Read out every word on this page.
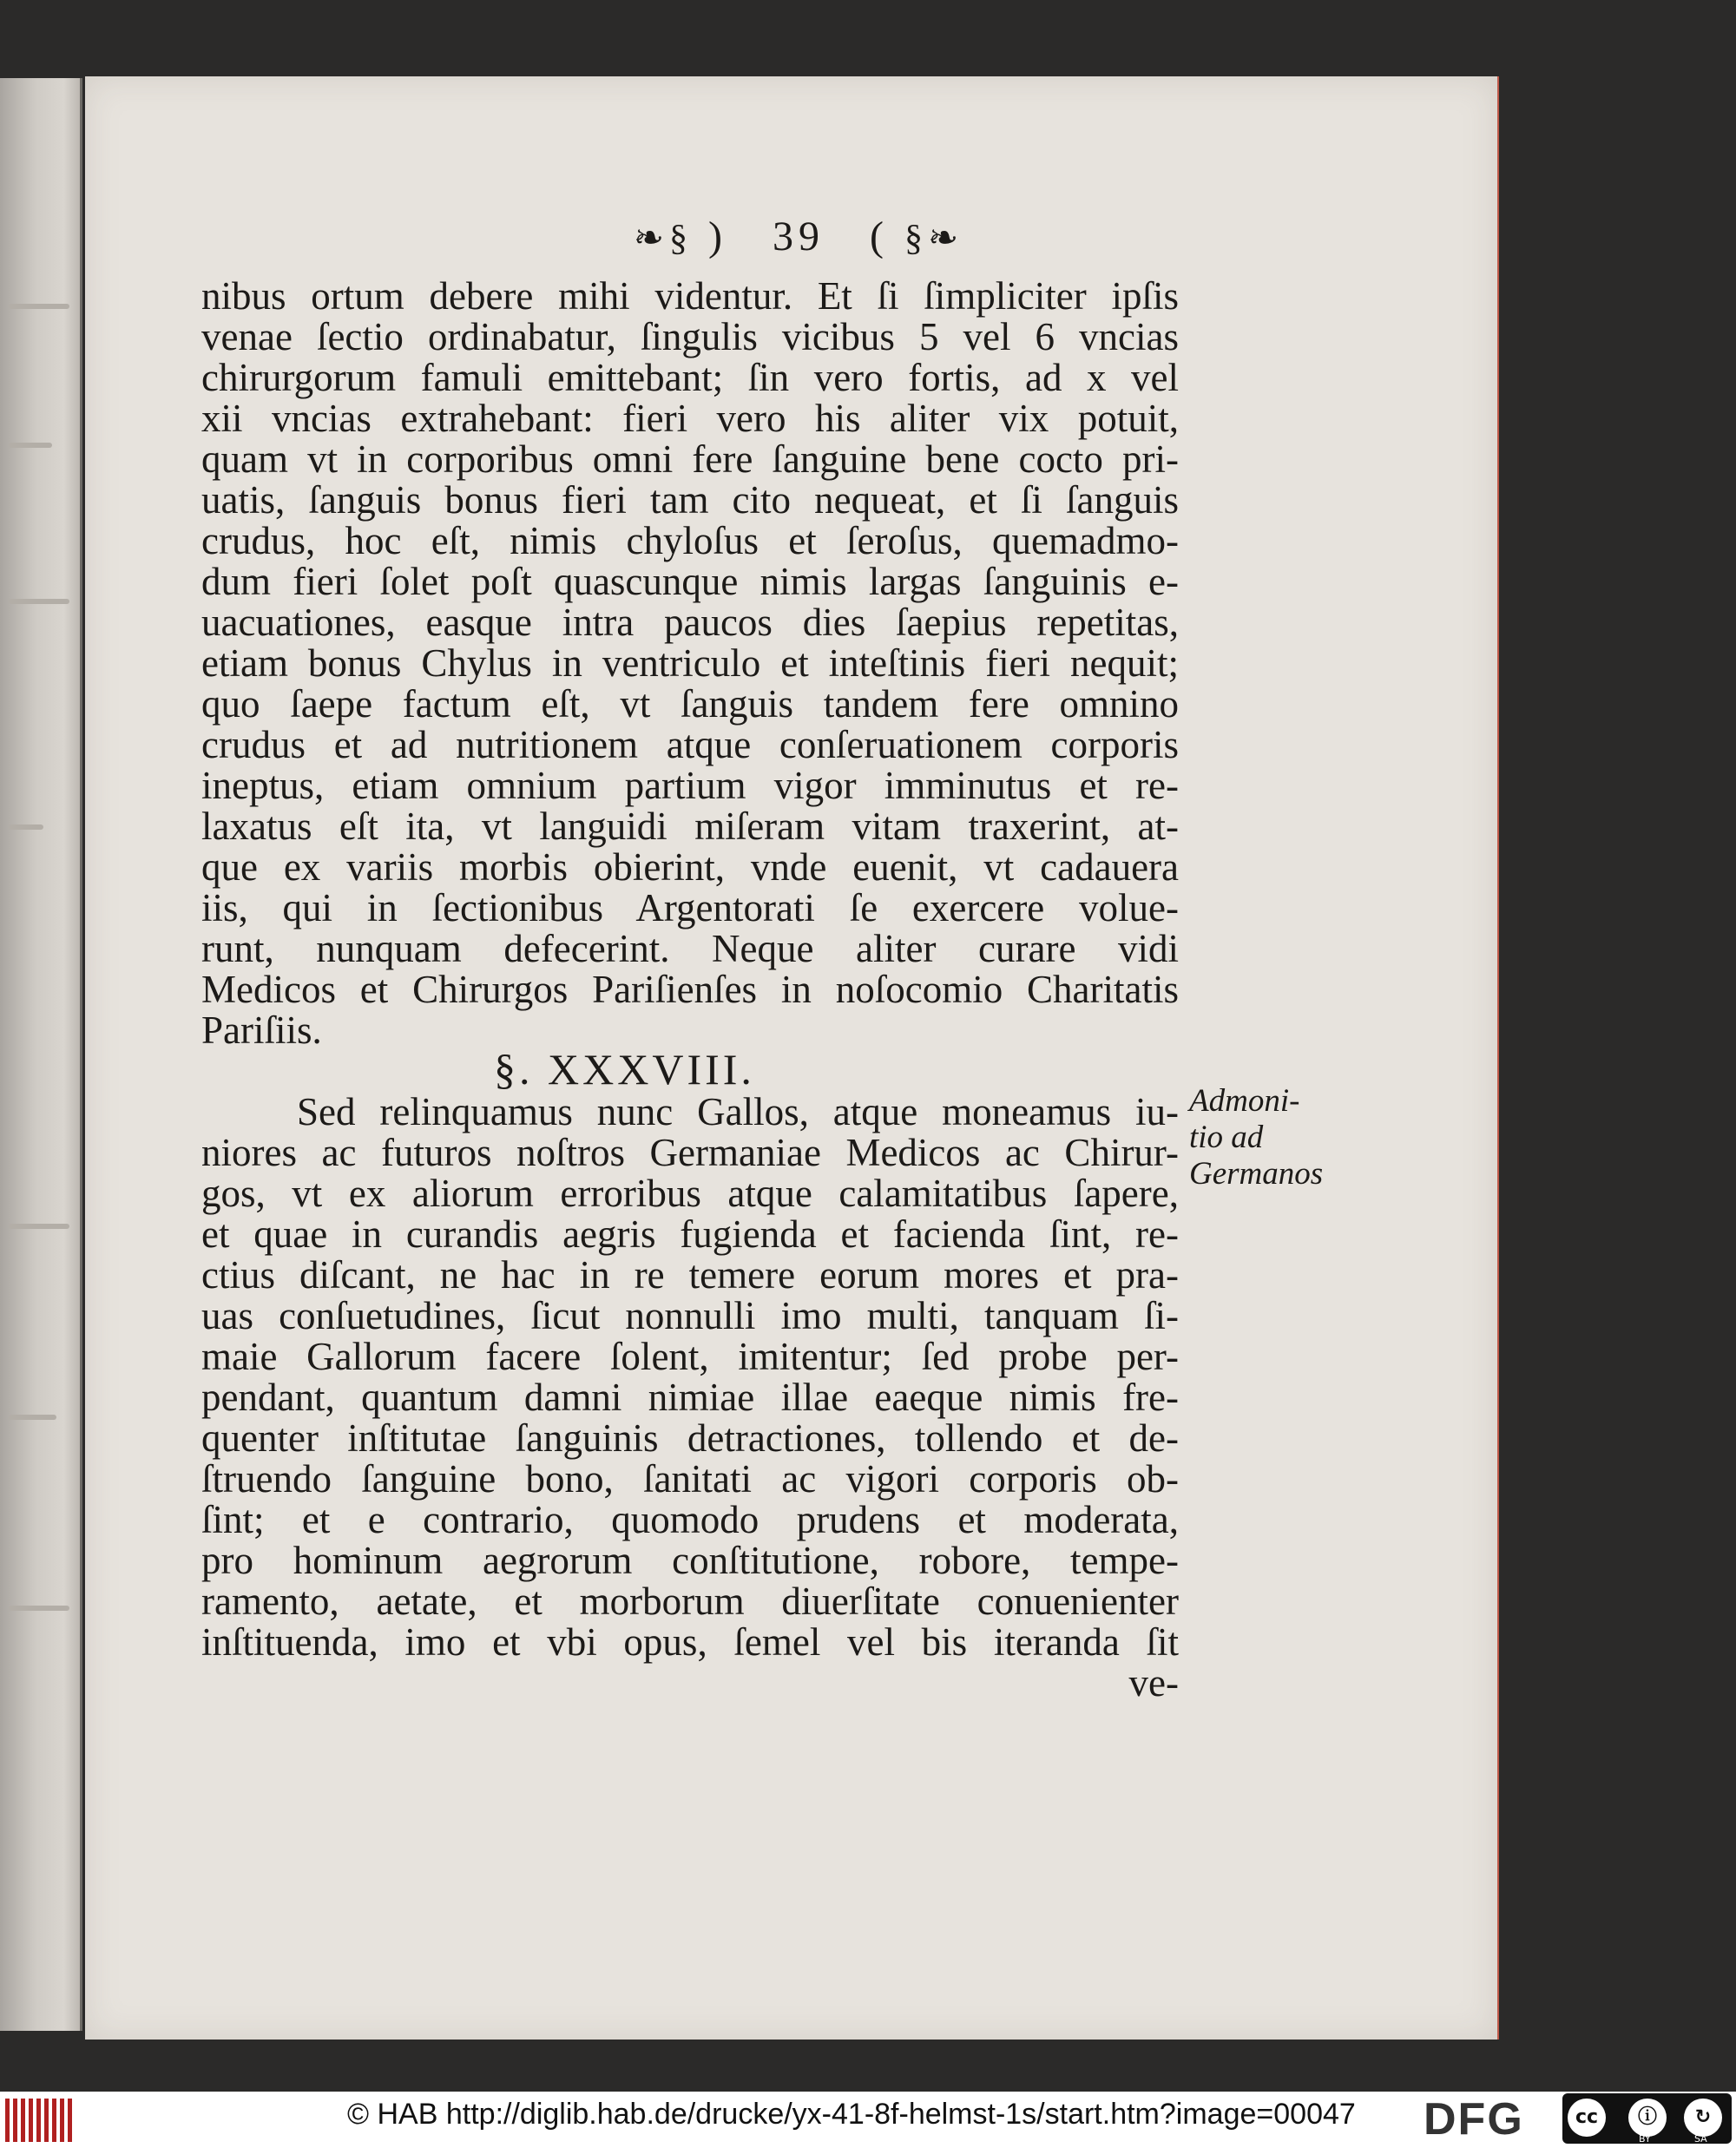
❧§ ) 39 ( §❧
nibus ortum debere mihi videntur. Et ſi ſimpliciter ipſis
venae ſectio ordinabatur, ſingulis vicibus 5 vel 6 vncias
chirurgorum famuli emittebant; ſin vero fortis, ad x vel
xii vncias extrahebant: fieri vero his aliter vix potuit,
quam vt in corporibus omni fere ſanguine bene cocto pri-
uatis, ſanguis bonus fieri tam cito nequeat, et ſi ſanguis
crudus, hoc eſt, nimis chyloſus et ſeroſus, quemadmo-
dum fieri ſolet poſt quascunque nimis largas ſanguinis e-
uacuationes, easque intra paucos dies ſaepius repetitas,
etiam bonus Chylus in ventriculo et inteſtinis fieri nequit;
quo ſaepe factum eſt, vt ſanguis tandem fere omnino
crudus et ad nutritionem atque conſeruationem corporis
ineptus, etiam omnium partium vigor imminutus et re-
laxatus eſt ita, vt languidi miſeram vitam traxerint, at-
que ex variis morbis obierint, vnde euenit, vt cadauera
iis, qui in ſectionibus Argentorati ſe exercere volue-
runt, nunquam defecerint. Neque aliter curare vidi
Medicos et Chirurgos Pariſienſes in noſocomio Charitatis
Pariſiis.
§. XXXVIII.
Admoni-
tio ad
Germanos
Sed relinquamus nunc Gallos, atque moneamus iu-
niores ac futuros noſtros Germaniae Medicos ac Chirur-
gos, vt ex aliorum erroribus atque calamitatibus ſapere,
et quae in curandis aegris fugienda et facienda ſint, re-
ctius diſcant, ne hac in re temere eorum mores et pra-
uas conſuetudines, ſicut nonnulli imo multi, tanquam ſi-
maie Gallorum facere ſolent, imitentur; ſed probe per-
pendant, quantum damni nimiae illae eaeque nimis fre-
quenter inſtitutae ſanguinis detractiones, tollendo et de-
ſtruendo ſanguine bono, ſanitati ac vigori corporis ob-
ſint; et e contrario, quomodo prudens et moderata,
pro hominum aegrorum conſtitutione, robore, tempe-
ramento, aetate, et morborum diuerſitate conuenienter
inſtituenda, imo et vbi opus, ſemel vel bis iteranda ſit
ve-
© HAB http://diglib.hab.de/drucke/yx-41-8f-helmst-1s/start.htm?image=00047 DFG	cc	ⓘ	↻
BY	SA
